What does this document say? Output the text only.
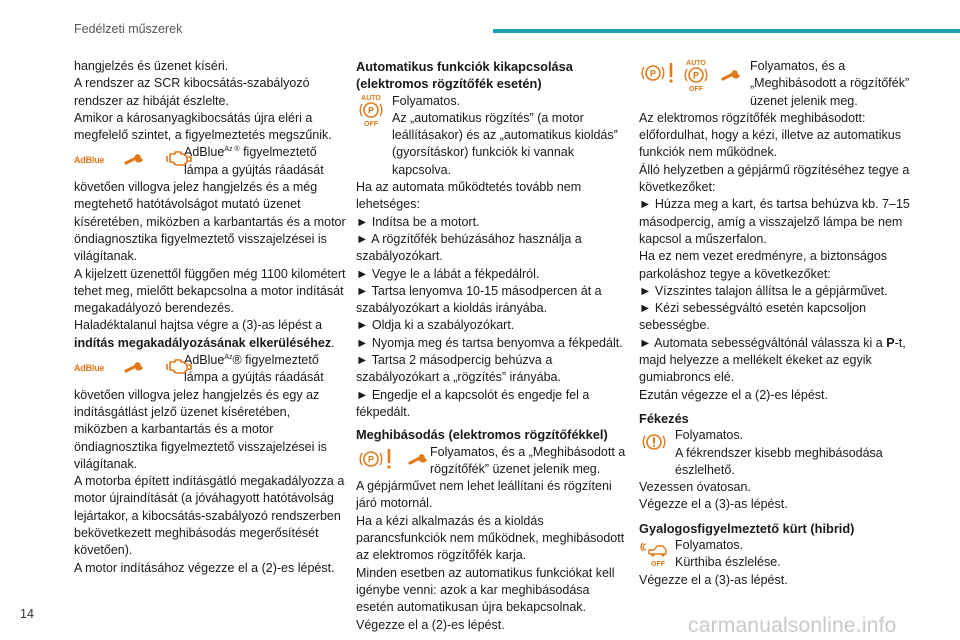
Fedélzeti műszerek

hangjelzés és üzenet kíséri.

A rendszer az SCR kibocsátás-szabályozó rendszer az hibáját észlelte.

Amikor a károsanyagkibocsátás újra eléri a megfelelő szintet, a figyelmeztetés megszűnik.

AdBlue

AdBlue$^{Az ®}$ figyelmeztető lámpa a gyújtás ráadását

követően villogva jelez hangjelzés és a még megtehető hatótávolságot mutató üzenet kíséretében, miközben a karbantartás és a motor öndiagnosztika figyelmeztető visszajelzései is világítanak.

A kijelzett üzenettől függően még 1100 kilométert tehet meg, mielőtt bekapcsolna a motor indítását megakadályozó berendezés.

Haladéktalanul hajtsa végre a (3)-as lépést a indítás megakadályozásának elkerüléséhez.

AdBlue

AdBlue$^{Az}$® figyelmeztető lámpa a gyújtás ráadását

követően villogva jelez hangjelzés és egy az indításgátlást jelző üzenet kíséretében, miközben a karbantartás és a motor öndiagnosztika figyelmeztető visszajelzései is világítanak.

A motorba épített indításgátló megakadályozza a motor újraindítását (a jóváhagyott hatótávolság lejártakor, a kibocsátás-szabályozó rendszerben bekövetkezett meghibásodás megerősítését követően).

A motor indításához végezze el a (2)-es lépést.

Automatikus funkciók kikapcsolása (elektromos rögzítőfék esetén)

AUTO
P
OFF

Folyamatos.

Az „automatikus rögzítés” (a motor leállításakor) és az „automatikus kioldás” (gyorsításkor) funkciók ki vannak kapcsolva.

Ha az automata működtetés tovább nem lehetséges:

► Indítsa be a motort.

► A rögzítőfék behúzásához használja a szabályozókart.

► Vegye le a lábát a fékpedálról.

► Tartsa lenyomva 10-15 másodpercen át a szabályozókart a kioldás irányába.

► Oldja ki a szabályozókart.

► Nyomja meg és tartsa benyomva a fékpedált.

► Tartsa 2 másodpercig behúzva a szabályozókart a „rögzítés” irányába.

► Engedje el a kapcsolót és engedje fel a fékpedált.

Meghibásodás (elektromos rögzítőfékkel)

P

Folyamatos, és a „Meghibásodott a rögzítőfék” üzenet jelenik meg.

A gépjárművet nem lehet leállítani és rögzíteni járó motornál.

Ha a kézi alkalmazás és a kioldás parancsfunkciók nem működnek, meghibásodott az elektromos rögzítőfék karja.

Minden esetben az automatikus funkciókat kell igénybe venni: azok a kar meghibásodása esetén automatikusan újra bekapcsolnak.

Végezze el a (2)-es lépést.

P
AUTO
P
OFF

Folyamatos, és a „Meghibásodott a rögzítőfék” üzenet jelenik meg.

Az elektromos rögzítőfék meghibásodott: előfordulhat, hogy a kézi, illetve az automatikus funkciók nem működnek.

Álló helyzetben a gépjármű rögzítéséhez tegye a következőket:

► Húzza meg a kart, és tartsa behúzva kb. 7–15 másodpercig, amíg a visszajelző lámpa be nem kapcsol a műszerfalon.

Ha ez nem vezet eredményre, a biztonságos parkoláshoz tegye a következőket:

► Vízszintes talajon állítsa le a gépjárművet.

► Kézi sebességváltó esetén kapcsoljon sebességbe.

► Automata sebességváltónál válassza ki a P-t, majd helyezze a mellékelt ékeket az egyik gumiabroncs elé.

Ezután végezze el a (2)-es lépést.

Fékezés

Folyamatos.

A fékrendszer kisebb meghibásodása észlelhető.

Vezessen óvatosan.

Végezze el a (3)-as lépést.

Gyalogosfigyelmeztető kürt (hibrid)

OFF

Folyamatos.

Kürthiba észlelése.

Végezze el a (3)-as lépést.

14	carmanualsonline.info
